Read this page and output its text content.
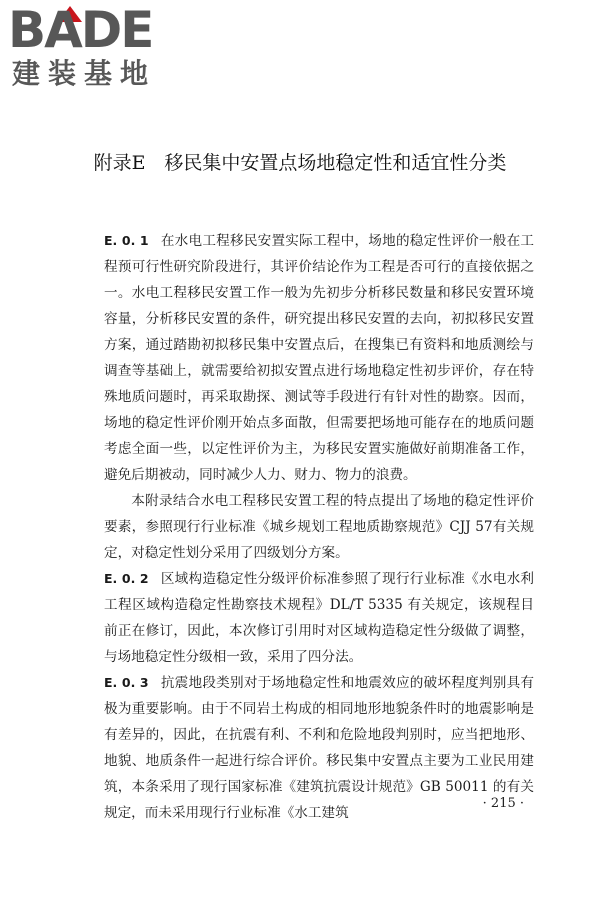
BADE
建装基地
附录E　移民集中安置点场地稳定性和适宜性分类

E. 0. 1 在水电工程移民安置实际工程中，场地的稳定性评价一般在工程预可行性研究阶段进行，其评价结论作为工程是否可行的直接依据之一。水电工程移民安置工作一般为先初步分析移民数量和移民安置环境容量，分析移民安置的条件，研究提出移民安置的去向，初拟移民安置方案，通过踏勘初拟移民集中安置点后，在搜集已有资料和地质测绘与调查等基础上，就需要给初拟安置点进行场地稳定性初步评价，存在特殊地质问题时，再采取勘探、测试等手段进行有针对性的勘察。因而，场地的稳定性评价刚开始点多面散，但需要把场地可能存在的地质问题考虑全面一些，以定性评价为主，为移民安置实施做好前期准备工作，避免后期被动，同时减少人力、财力、物力的浪费。

本附录结合水电工程移民安置工程的特点提出了场地的稳定性评价要素，参照现行行业标准《城乡规划工程地质勘察规范》CJJ 57有关规定，对稳定性划分采用了四级划分方案。

E. 0. 2 区域构造稳定性分级评价标准参照了现行行业标准《水电水利工程区域构造稳定性勘察技术规程》DL/T 5335 有关规定，该规程目前正在修订，因此，本次修订引用时对区域构造稳定性分级做了调整，与场地稳定性分级相一致，采用了四分法。

E. 0. 3 抗震地段类别对于场地稳定性和地震效应的破坏程度判别具有极为重要影响。由于不同岩土构成的相同地形地貌条件时的地震影响是有差异的，因此，在抗震有利、不利和危险地段判别时，应当把地形、地貌、地质条件一起进行综合评价。移民集中安置点主要为工业民用建筑，本条采用了现行国家标准《建筑抗震设计规范》GB 50011 的有关规定，而未采用现行行业标准《水工建筑

· 215 ·
